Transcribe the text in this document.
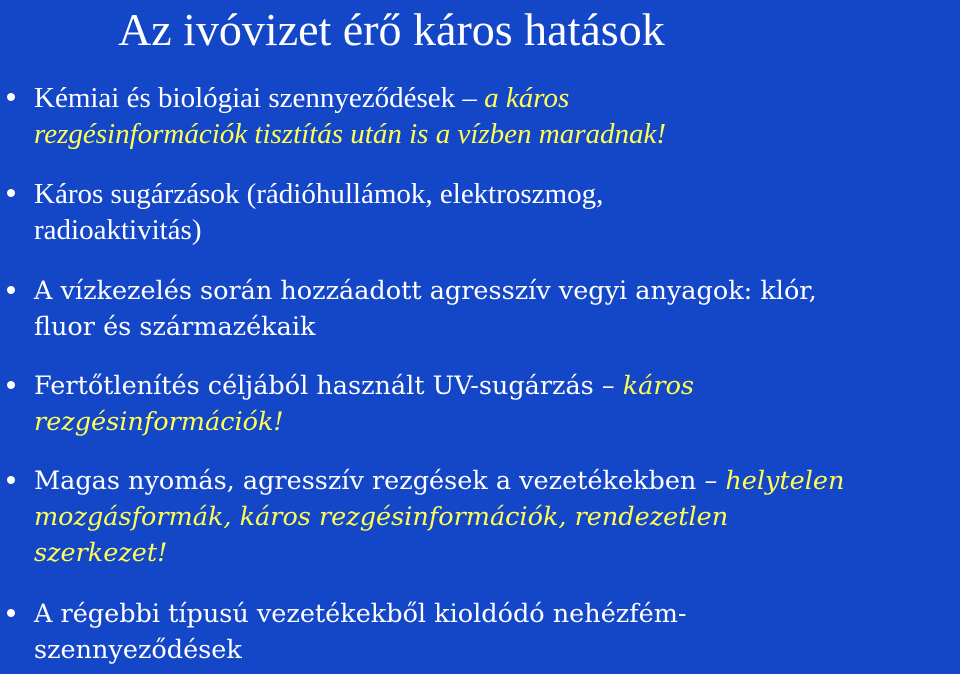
Az ivóvizet érő káros hatások
Kémiai és biológiai szennyeződések – a káros
rezgésinformációk tisztítás után is a vízben maradnak!
Káros sugárzások (rádióhullámok, elektroszmog,
radioaktivitás)
A vízkezelés során hozzáadott agresszív vegyi anyagok: klór,
fluor és származékaik
Fertőtlenítés céljából használt UV-sugárzás – káros
rezgésinformációk!
Magas nyomás, agresszív rezgések a vezetékekben – helytelen
mozgásformák, káros rezgésinformációk, rendezetlen
szerkezet!
A régebbi típusú vezetékekből kioldódó nehézfém-
szennyeződések
